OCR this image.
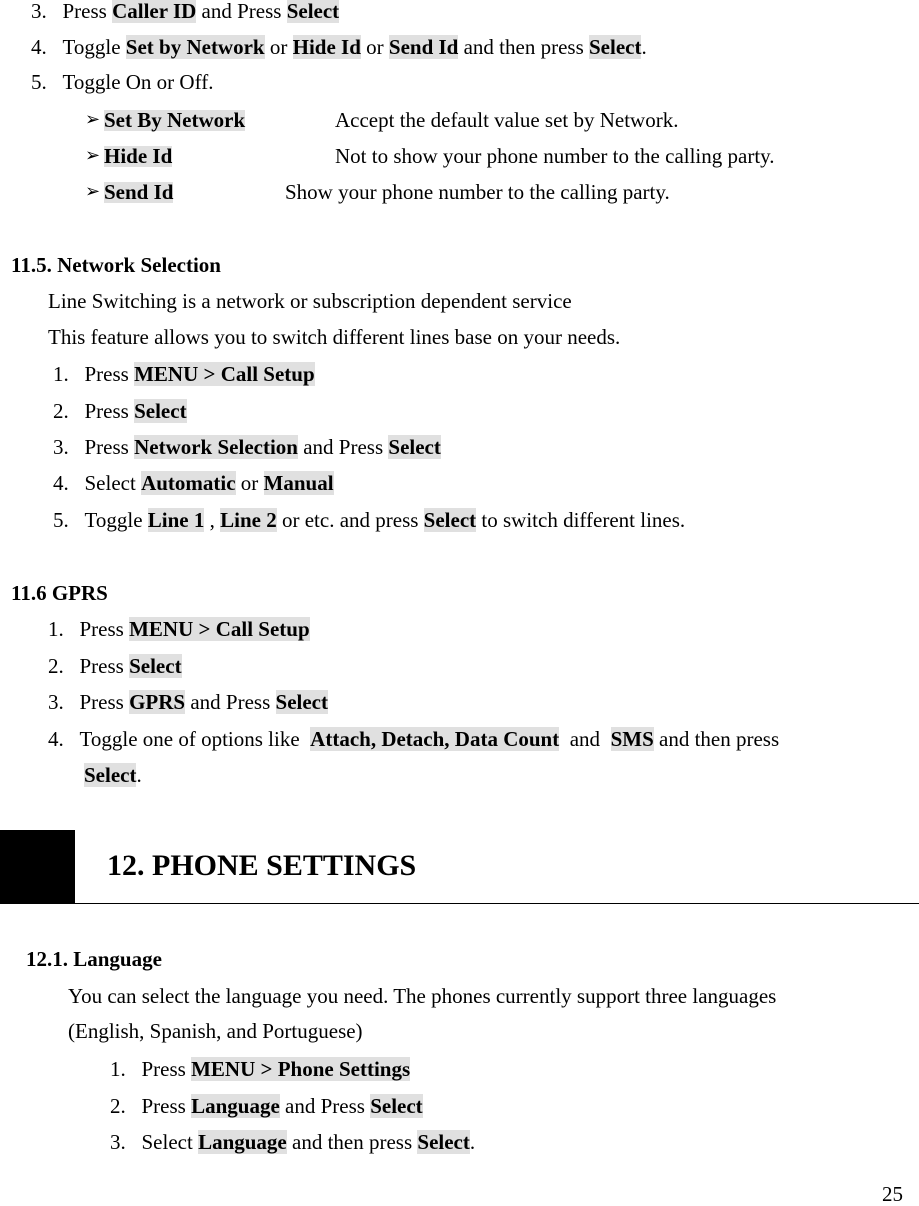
3. Press Caller ID and Press Select
4. Toggle Set by Network or Hide Id or Send Id and then press Select.
5. Toggle On or Off.
➢ Set By Network	Accept the default value set by Network.
➢ Hide Id	Not to show your phone number to the calling party.
➢ Send Id	Show your phone number to the calling party.
11.5. Network Selection
Line Switching is a network or subscription dependent service
This feature allows you to switch different lines base on your needs.
1. Press MENU > Call Setup
2. Press Select
3. Press Network Selection and Press Select
4. Select Automatic or Manual
5. Toggle Line 1 , Line 2 or etc. and press Select to switch different lines.
11.6 GPRS
1. Press MENU > Call Setup
2. Press Select
3. Press GPRS and Press Select
4. Toggle one of options like Attach, Detach, Data Count and SMS and then press
Select.
12. PHONE SETTINGS
12.1. Language
You can select the language you need. The phones currently support three languages
(English, Spanish, and Portuguese)
1. Press MENU > Phone Settings
2. Press Language and Press Select
3. Select Language and then press Select.
25
